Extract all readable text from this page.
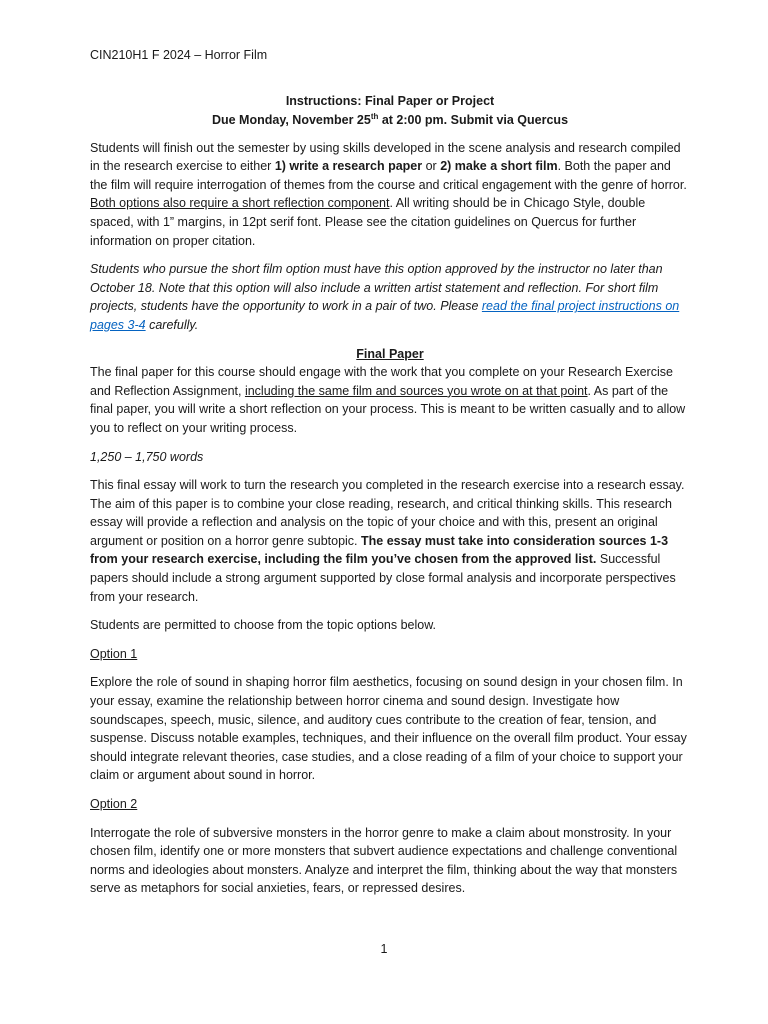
CIN210H1 F 2024 – Horror Film
Instructions: Final Paper or Project
Due Monday, November 25th at 2:00 pm. Submit via Quercus

Students will finish out the semester by using skills developed in the scene analysis and research compiled in the research exercise to either 1) write a research paper or 2) make a short film. Both the paper and the film will require interrogation of themes from the course and critical engagement with the genre of horror. Both options also require a short reflection component. All writing should be in Chicago Style, double spaced, with 1” margins, in 12pt serif font. Please see the citation guidelines on Quercus for further information on proper citation.

Students who pursue the short film option must have this option approved by the instructor no later than October 18. Note that this option will also include a written artist statement and reflection. For short film projects, students have the opportunity to work in a pair of two. Please read the final project instructions on pages 3-4 carefully.

Final Paper

The final paper for this course should engage with the work that you complete on your Research Exercise and Reflection Assignment, including the same film and sources you wrote on at that point. As part of the final paper, you will write a short reflection on your process. This is meant to be written casually and to allow you to reflect on your writing process.

1,250 – 1,750 words

This final essay will work to turn the research you completed in the research exercise into a research essay. The aim of this paper is to combine your close reading, research, and critical thinking skills. This research essay will provide a reflection and analysis on the topic of your choice and with this, present an original argument or position on a horror genre subtopic. The essay must take into consideration sources 1-3 from your research exercise, including the film you’ve chosen from the approved list. Successful papers should include a strong argument supported by close formal analysis and incorporate perspectives from your research.

Students are permitted to choose from the topic options below.

Option 1

Explore the role of sound in shaping horror film aesthetics, focusing on sound design in your chosen film. In your essay, examine the relationship between horror cinema and sound design. Investigate how soundscapes, speech, music, silence, and auditory cues contribute to the creation of fear, tension, and suspense. Discuss notable examples, techniques, and their influence on the overall film product. Your essay should integrate relevant theories, case studies, and a close reading of a film of your choice to support your claim or argument about sound in horror.

Option 2

Interrogate the role of subversive monsters in the horror genre to make a claim about monstrosity. In your chosen film, identify one or more monsters that subvert audience expectations and challenge conventional norms and ideologies about monsters. Analyze and interpret the film, thinking about the way that monsters serve as metaphors for social anxieties, fears, or repressed desires.

1
